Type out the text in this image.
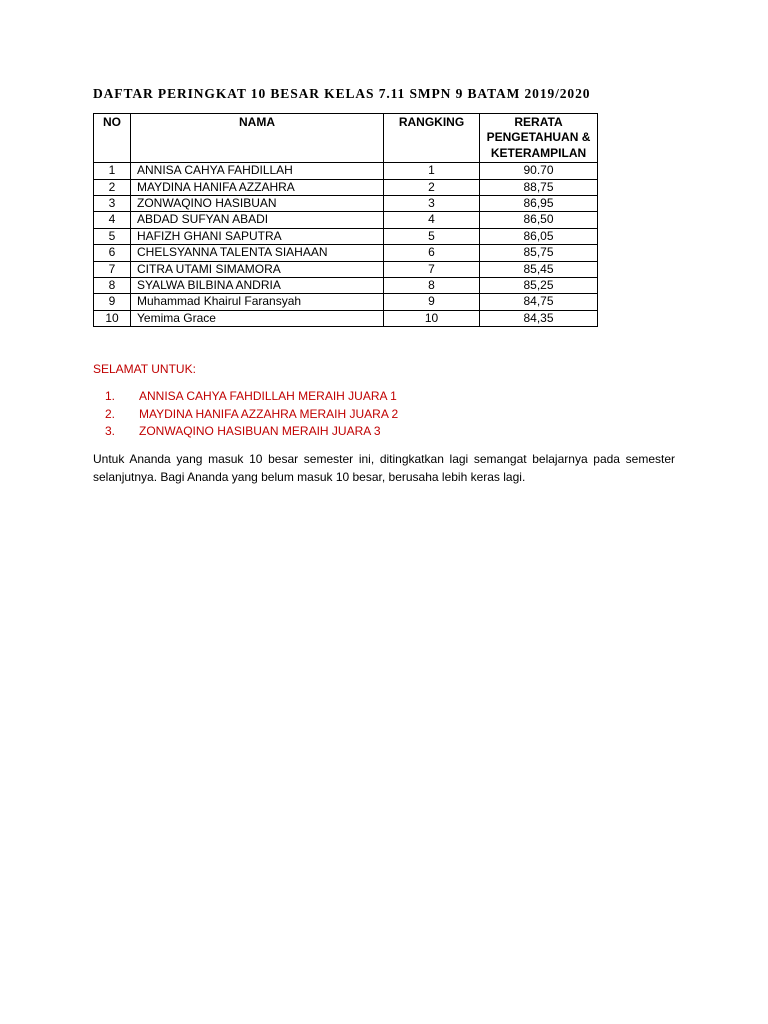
DAFTAR PERINGKAT 10 BESAR KELAS 7.11 SMPN 9 BATAM 2019/2020
NO	NAMA	RANGKING	RERATA
PENGETAHUAN &
KETERAMPILAN

1	ANNISA CAHYA FAHDILLAH	1	90.70
2	MAYDINA HANIFA AZZAHRA	2	88,75
3	ZONWAQINO HASIBUAN	3	86,95
4	ABDAD SUFYAN ABADI	4	86,50
5	HAFIZH GHANI SAPUTRA	5	86,05
6	CHELSYANNA TALENTA SIAHAAN	6	85,75
7	CITRA UTAMI SIMAMORA	7	85,45
8	SYALWA BILBINA ANDRIA	8	85,25
9	Muhammad Khairul Faransyah	9	84,75
10	Yemima Grace	10	84,35
SELAMAT UNTUK:
1. ANNISA CAHYA FAHDILLAH MERAIH JUARA 1
2. MAYDINA HANIFA AZZAHRA MERAIH JUARA 2
3. ZONWAQINO HASIBUAN MERAIH JUARA 3
Untuk Ananda yang masuk 10 besar semester ini, ditingkatkan lagi semangat belajarnya pada semester selanjutnya. Bagi Ananda yang belum masuk 10 besar, berusaha lebih keras lagi.
